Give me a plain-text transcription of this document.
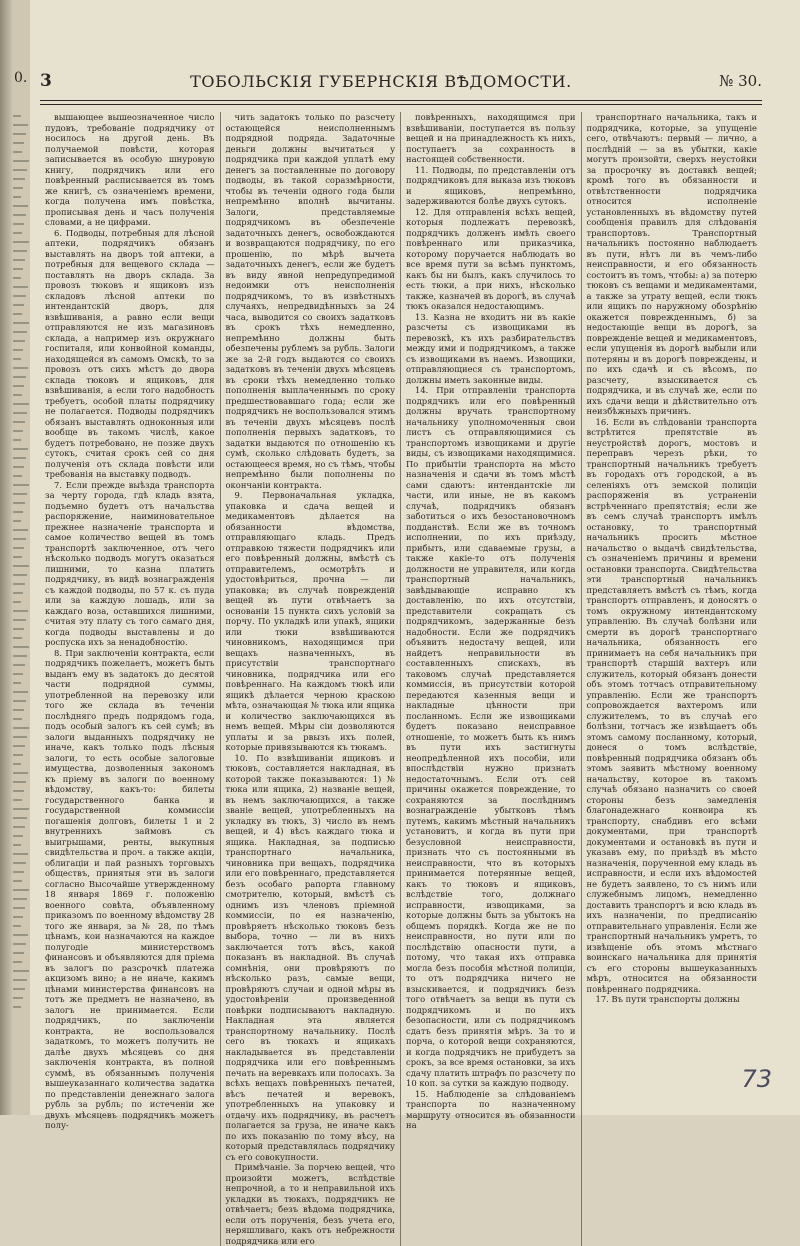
0. 3	ТОБОЛЬСКІЯ ГУБЕРНСКІЯ ВѢДОМОСТИ.	№ 30.

вышающее вышеозначенное число пудовъ, требованіе подрядчику от носилось на другой день. Въ получаемой повѣсти, которая записывается въ особую шнуровую книгу, подрядчикъ или его повѣренный расписывается въ томъ же книгѣ, съ означеніемъ времени, когда получена имъ повѣстка, прописывая день и часъ полученія словами, а не цифрами.

6. Подводы, потребныя для лѣсной аптеки, подрядчикъ обязанъ выставлять на дворъ той аптеки, а потребныя для вещевого склада — поставлять на дворъ склада. За провозъ тюковъ и ящиковъ изъ складовъ лѣсной аптеки по интендантскій дворъ, для взвѣшиванія, а равно если вещи отправляются не изъ магазиновъ склада, а например изъ окружнаго госпиталя, или конвойной команды, находящейся въ самомъ Омскѣ, то за провозъ отъ сихъ мѣстъ до двора склада тюковъ и ящиковъ, для взвѣшиванія, а если того надобность требуетъ, особой платы подрядчику не полагается. Подводы подрядчикъ обязанъ выставлять одноконныя или вообще въ такомъ числѣ, какое будетъ потребовано, не позже двухъ сутокъ, считая срокъ сей со дня полученія отъ склада повѣсти или требованія на выставку подводъ.

7. Если прежде выѣзда транспорта за черту города, гдѣ кладь взята, подъемно будетъ отъ начальства распоряжение, наиминовательное прежнее назначеніе транспорта и самое количество вещей въ томъ транспортѣ заключенное, отъ чего нѣсколько подводъ могутъ оказаться лишними, то казна платить подрядчику, въ видѣ вознагражденія съ каждой подводы, по 57 к. съ пуда или за каждую лошадь, или за каждаго воза, оставшихся лишними, считая эту плату съ того самаго дня, когда подводы выставлены и до роспуска ихъ за ненадобностію.

8. При заключеніи контракта, если подрядчикъ пожелаетъ, можетъ быть выданъ ему въ задатокъ до десятой части подрядной суммы, употребленной на перевозку или того же склада въ теченіи послѣдняго предъ подрядомъ года, подъ особый залогъ къ сей сумѣ; въ залоги выданныхъ подрядчику не иначе, какъ только подъ лѣсныя залоги, то есть особые залоговые имущества, дозволенныя закономъ къ пріему въ залоги по военному вѣдомству, какъ-то: билеты государственного банка и государственной коммиссіи погашенія долговъ, билеты 1 и 2 внутреннихъ займовъ съ выигрышами, ренты, выкупныя свидѣтельства и проч. а также акціи, облигаціи и пай разныхъ торговыхъ обществъ, принятыя эти въ залоги согласно Высочайше утвержденному 18 января 1869 г. положенію военного совѣта, объявленному приказомъ по военному вѣдомству 28 того же января, за № 28, по тѣмъ цѣнамъ, кои назначаются на каждое полугодіе министерствомъ финансовъ и объявляются для пріема въ залогъ по разсрочкѣ платежа акцизомъ вино; а не иначе, какимъ цѣнами министерства финансовъ на тотъ же предметъ не назначено, въ залогъ не принимается. Если подрядчикъ, по заключеніи контракта, не воспользовался задаткомъ, то можетъ получить не далѣе двухъ мѣсяцевъ со дня заключенія контракта, въ полной суммѣ, въ обязаннымъ полученія вышеуказаннаго количества задатка по представленіи денежнаго залога рубль за рубль; по истеченіи же двухъ мѣсяцевъ подрядчикъ можетъ полу-

чить задатокъ только по разсчету остающейся неисполненнымъ подрядной подряда. Задаточные деньги должны вычитаться у подрядчика при каждой уплатѣ ему денегъ за поставленные по договору подводы, въ такой соразмѣрности, чтобы въ теченіи одного года были непремѣнно вполнѣ вычитаны. Залоги, представляемые подрядчикомъ въ обезпеченіе задаточныхъ денегъ, освобождаются и возвращаются подрядчику, по его прошенію, по мѣрѣ вычета задаточныхъ денегъ, если же будетъ въ виду явной непредупредимой недоимки отъ неисполненія подрядчикомъ, то въ извѣстныхъ случаяхъ, непредвидѣнныхъ за 24 часа, выводится со своихъ задатковъ въ срокъ тѣхъ немедленно, непремѣнно должны быть обезпечены рублемъ за рубль. Залоги же за 2-й годъ выдаются со своихъ задатковъ въ теченіи двухъ мѣсяцевъ въ сроки тѣхъ немедленно только пополненія выплаченнымъ по сроку предшествовавшаго года; если же подрядчикъ не воспользовался этимъ въ теченіи двухъ мѣсяцевъ послѣ пополненія первыхъ задатковъ, то задатки выдаются по отношенію къ сумѣ, сколько слѣдовать будетъ, за остающееся время, но съ тѣмъ, чтобы непремѣнно были пополнены по окончаніи контракта.

9. Первоначальная укладка, упаковка и сдача вещей и медикаментовъ дѣлается на обязанности вѣдомства, отправляющаго кладь. Предъ отправкою тяжести подрядчикъ или его повѣренный должны, вмѣстѣ съ отправителемъ, осмотрѣть и удостовѣриться, прочна — ли упаковка; въ случаѣ поврежденій вещей въ пути отвѣчаетъ за основаніи 15 пункта сихъ условій за порчу. По укладкѣ или упакѣ, ящики или тюки взвѣшиваются чиновникомъ, находящимся при вещахъ назначенныхъ, въ присутствіи транспортнаго чиновника, подрядчика или его повѣреннаго. На каждомъ тюкѣ или ящикѣ дѣлается черною краскою мѣта, означающая № тюка или ящика и количество заключающихся въ немъ вещей. Мѣры сіи дозволяются уплаты и за рвызъ ихъ полей, которые привязываются къ тюкамъ.

10. По взвѣшиваніи ящиковъ и тюковъ, составляется накладная, въ которой также показываются: 1) № тюка или ящика, 2) названіе вещей, въ немъ заключающихся, а также званіе вещей, употребленныхъ на укладку въ тюкъ, 3) число въ немъ вещей, и 4) вѣсъ каждаго тюка и ящика. Накладная, за подписью транспортнаго начальника, чиновника при вещахъ, подрядчика или его повѣреннаго, представляется безъ особаго рапорта главному смотрителю, который, вмѣстѣ съ однимъ изъ членовъ пріемной коммиссіи, по ея назначенію, провѣряетъ нѣсколько тюковъ безъ выбора, точно — ли въ нихъ заключается тотъ вѣсъ, какой показанъ въ накладной. Въ случаѣ сомнѣнія, они провѣряютъ по нѣсколько разъ, самые вещи, провѣряютъ случаи и одной мѣры въ удостовѣреніи произведенной повѣрки подписываютъ накладную. Накладная эта является транспортному начальнику. Послѣ сего въ тюкахъ и ящикахъ накладывается въ представленіи подрядчика или его повѣреннымъ печать на веревкахъ или полосахъ. За всѣхъ вещахъ повѣренныхъ печатей, вѣсъ печатей и веревокъ, употребленныхъ на упаковку и отдачу ихъ подрядчику, въ расчетъ полагается за груза, не иначе какъ по ихъ показанію по тому вѣсу, на который представлялась подрядчику съ его совокупности.

Примѣчаніе. За порчею вещей, что произойти можетъ, вслѣдствіе непрочной, а то и неправильной ихъ укладки въ тюкахъ, подрядчикъ не отвѣчаетъ; безъ вѣдома подрядчика, если отъ порученія, безъ учета его, неряшливаго, какъ отъ небрежности подрядчика или его

повѣренныхъ, находящимся при взвѣшиваніи, поступается въ пользу вещей и на принадлежность къ нихъ, поступаетъ за сохранность в настоящей собственности.

11. Подводы, по представленіи отъ подрядчиковъ для выказа изъ тюковъ и ящиковъ, непремѣнно, задерживаются болѣе двухъ сутокъ.

12. Для отправленія всѣхъ вещей, которыя подлежатъ перевозкѣ, подрядчикъ долженъ имѣть своего повѣреннаго или приказчика, которому поручается наблюдать во все время пути за всѣмъ пунктомъ, какъ бы ни былъ, какъ случилось то есть тюки, а при нихъ, нѣсколько также, казначей въ дорогѣ, въ случаѣ тюкъ оказался недостающимъ.

13. Казна не входитъ ни въ какіе разсчеты съ извощиками въ перевозкѣ, къ ихъ разбирательствъ между ими и подрядчикомъ, а также съ извощиками въ наемъ. Извощики, отправляющиеся съ транспортомъ, должны иметь законные виды.

14. При отправленіи транспорта подрядчикъ или его повѣренный должны вручать транспортному начальнику уполномоченныя свои листъ съ отправляющимися съ транспортомъ извощиками и другіе виды, съ извощиками находящимися. По прибытіи транспорта на мѣсто назначенія и сдачи въ томъ мѣстѣ сами сдаютъ: интендантскіе ли части, или иные, не въ какомъ случаѣ, подрядчикъ обязанъ заботиться о ихъ безостановочномъ подданствѣ. Если же въ точномъ исполнении, по ихъ приѣзду, прибыть, или сдаваемые грузы, а также какіе-то отъ полученія должности не управителя, или когда транспортный начальникъ, завѣдывающіе исправно къ доставленію, по ихъ отсутствіи, представители сокращать съ подрядчикомъ, задержанные безъ надобности. Если же подрядчикъ объявитъ недостачу вещей, или найдетъ неправильности въ составленныхъ спискахъ, въ таковомъ случаѣ представляется коммиссія, въ присутствіи которой передаются казенныя вещи и накладные цѣнности при посланномъ. Если же извощиками будетъ показано неисправное отношеніе, то можетъ быть къ нимъ въ пути ихъ застигнуты неопредѣленной ихъ пособіи, или впослѣдствіи нужно признать недостаточнымъ. Если отъ сей причины окажется повреждение, то сохраняются за послѣднимъ вознагражденіе убытковъ тѣмъ путемъ, какимъ мѣстный начальникъ установитъ, и когда въ пути при безусловной неисправности, признать что съ постоянными въ неисправности, что въ которыхъ принимается потерянные вещей, какъ то тюковъ и ящиковъ, вслѣдствіе того, должнаго исправности, извощиками, за которые должны быть за убытокъ на общемъ порядкѣ. Когда же не по неисправности, но пути или по послѣдствію опасности пути, а потому, что такая ихъ отправка могла безъ пособія мѣстной полиціи, то отъ подрядчика ничего не взыскивается, и подрядчикъ безъ того отвѣчаетъ за вещи въ пути съ подрядчикомъ и по ихъ безопасности, или съ подрядчикомъ сдатъ безъ принятія мѣръ. За то и порча, о которой вещи сохраняются, и когда подрядчикъ не прибудетъ за срокъ, за все время остановки, за ихъ сдачу платить штрафъ по разсчету по 10 коп. за сутки за каждую подводу.

15. Наблюденіе за слѣдованіемъ транспорта по назначенному маршруту относится въ обязанности на

транспортнаго начальника, такъ и подрядчика, которые, за упущеніе сего, отвѣчаютъ: первый — лично, а послѣдній — за въ убытки, какіе могутъ произойти, сверхъ неустойки за просрочку въ доставкѣ вещей; кромѣ того въ обязанности и отвѣтственности подрядчика относится исполненіе установленныхъ въ вѣдомству путей сообщенія правилъ для слѣдованія транспортовъ. Транспортный начальникъ постоянно наблюдаетъ въ пути, нѣтъ ли въ чемъ-либо неисправности, и его обязанность состоитъ въ томъ, чтобы: а) за потерю тюковъ съ вещами и медикаментами, а также за утрату вещей, если тюкъ или ящикъ по наружному обозрѣнію окажется поврежденнымъ, б) за недостающіе вещи въ дорогѣ, за поврежденіе вещей и медикаментовъ, если упущенія въ дорогѣ выбыли или потеряны и въ дорогѣ повреждены, и по ихъ сдачѣ и съ вѣсомъ, по разсчету, взыскивается съ подрядчика, и въ случаѣ же, если по ихъ сдачи вещи и дѣйствительно отъ неизбѣжныхъ причинъ.

16. Если въ слѣдованіи транспорта встрѣтится препятствіе въ неустройствѣ дорогъ, мостовъ и переправъ черезъ рѣки, то транспортный начальникъ требуетъ въ городахъ отъ городской, а въ селеніяхъ отъ земской полиціи распоряженія въ устраненіи встрѣченнаго препятствія; если же въ семъ случаѣ транспортъ имѣлъ остановку, то транспортный начальникъ просить мѣстное начальство о выдачѣ свидѣтельства, съ означеніемъ причины и времени остановки транспорта. Свидѣтельства эти транспортный начальникъ представляетъ вмѣстѣ съ тѣмъ, когда транспортъ отправленъ, и доносятъ о томъ окружному интендантскому управленію. Въ случаѣ болѣзни или смерти въ дорогѣ транспортнаго начальника, обязанность его принимаетъ на себя начальникъ при транспортѣ старшій вахтеръ или служитель, который обязанъ донести объ этомъ тотчасъ отправительному управленію. Если же транспортъ сопровождается вахтеромъ или служителемъ, то въ случаѣ его болѣзни, тотчасъ же извѣщаетъ объ этомъ самому посланному, который, донеся о томъ вслѣдствіе, повѣренный подрядчика обязанъ объ этомъ заявить мѣстному военному начальству, которое въ такомъ случаѣ обязано назначить со своей стороны безъ замедленія благонадежнаго конвоира къ транспорту, снабдивъ его всѣми документами, при транспортѣ документами и остановкѣ въ пути и указавъ ему, по приѣздѣ въ мѣсто назначенія, порученной ему кладь въ исправности, и если ихъ вѣдомостей не будетъ заявлено, то съ нимъ или служебнымъ лицомъ, немедленно доставить транспортъ и всю кладь въ ихъ назначеніи, по предписанію отправительнаго управленія. Если же транспортный начальникъ умретъ, то извѣщеніе объ этомъ мѣстнаго воинскаго начальника для принятія съ его стороны вышеуказанныхъ мѣръ, относится на обязанности повѣреннаго подрядчика.

17. Въ пути транспорты должны

73
